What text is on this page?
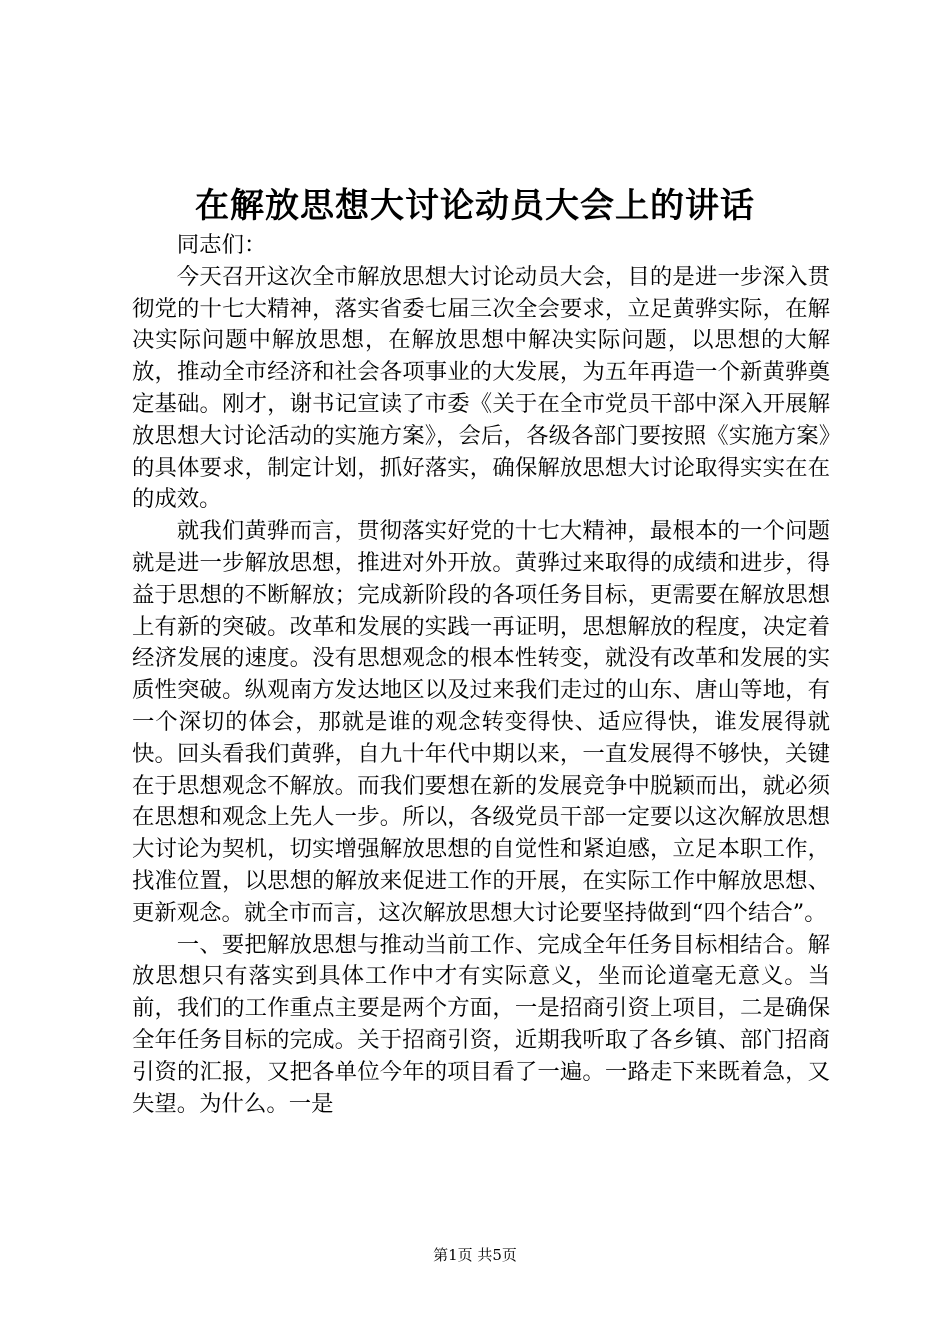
在解放思想大讨论动员大会上的讲话

同志们：

今天召开这次全市解放思想大讨论动员大会，目的是进一步深入贯彻党的十七大精神，落实省委七届三次全会要求，立足黄骅实际，在解决实际问题中解放思想，在解放思想中解决实际问题，以思想的大解放，推动全市经济和社会各项事业的大发展，为五年再造一个新黄骅奠定基础。刚才，谢书记宣读了市委《关于在全市党员干部中深入开展解放思想大讨论活动的实施方案》，会后，各级各部门要按照《实施方案》的具体要求，制定计划，抓好落实，确保解放思想大讨论取得实实在在的成效。

就我们黄骅而言，贯彻落实好党的十七大精神，最根本的一个问题就是进一步解放思想，推进对外开放。黄骅过来取得的成绩和进步，得益于思想的不断解放；完成新阶段的各项任务目标，更需要在解放思想上有新的突破。改革和发展的实践一再证明，思想解放的程度，决定着经济发展的速度。没有思想观念的根本性转变，就没有改革和发展的实质性突破。纵观南方发达地区以及过来我们走过的山东、唐山等地，有一个深切的体会，那就是谁的观念转变得快、适应得快，谁发展得就快。回头看我们黄骅，自九十年代中期以来，一直发展得不够快，关键在于思想观念不解放。而我们要想在新的发展竞争中脱颖而出，就必须在思想和观念上先人一步。所以，各级党员干部一定要以这次解放思想大讨论为契机，切实增强解放思想的自觉性和紧迫感，立足本职工作，找准位置，以思想的解放来促进工作的开展，在实际工作中解放思想、更新观念。就全市而言，这次解放思想大讨论要坚持做到“四个结合”。

一、要把解放思想与推动当前工作、完成全年任务目标相结合。解放思想只有落实到具体工作中才有实际意义，坐而论道毫无意义。当前，我们的工作重点主要是两个方面，一是招商引资上项目，二是确保全年任务目标的完成。关于招商引资，近期我听取了各乡镇、部门招商引资的汇报，又把各单位今年的项目看了一遍。一路走下来既着急，又失望。为什么。一是

第1页 共5页
